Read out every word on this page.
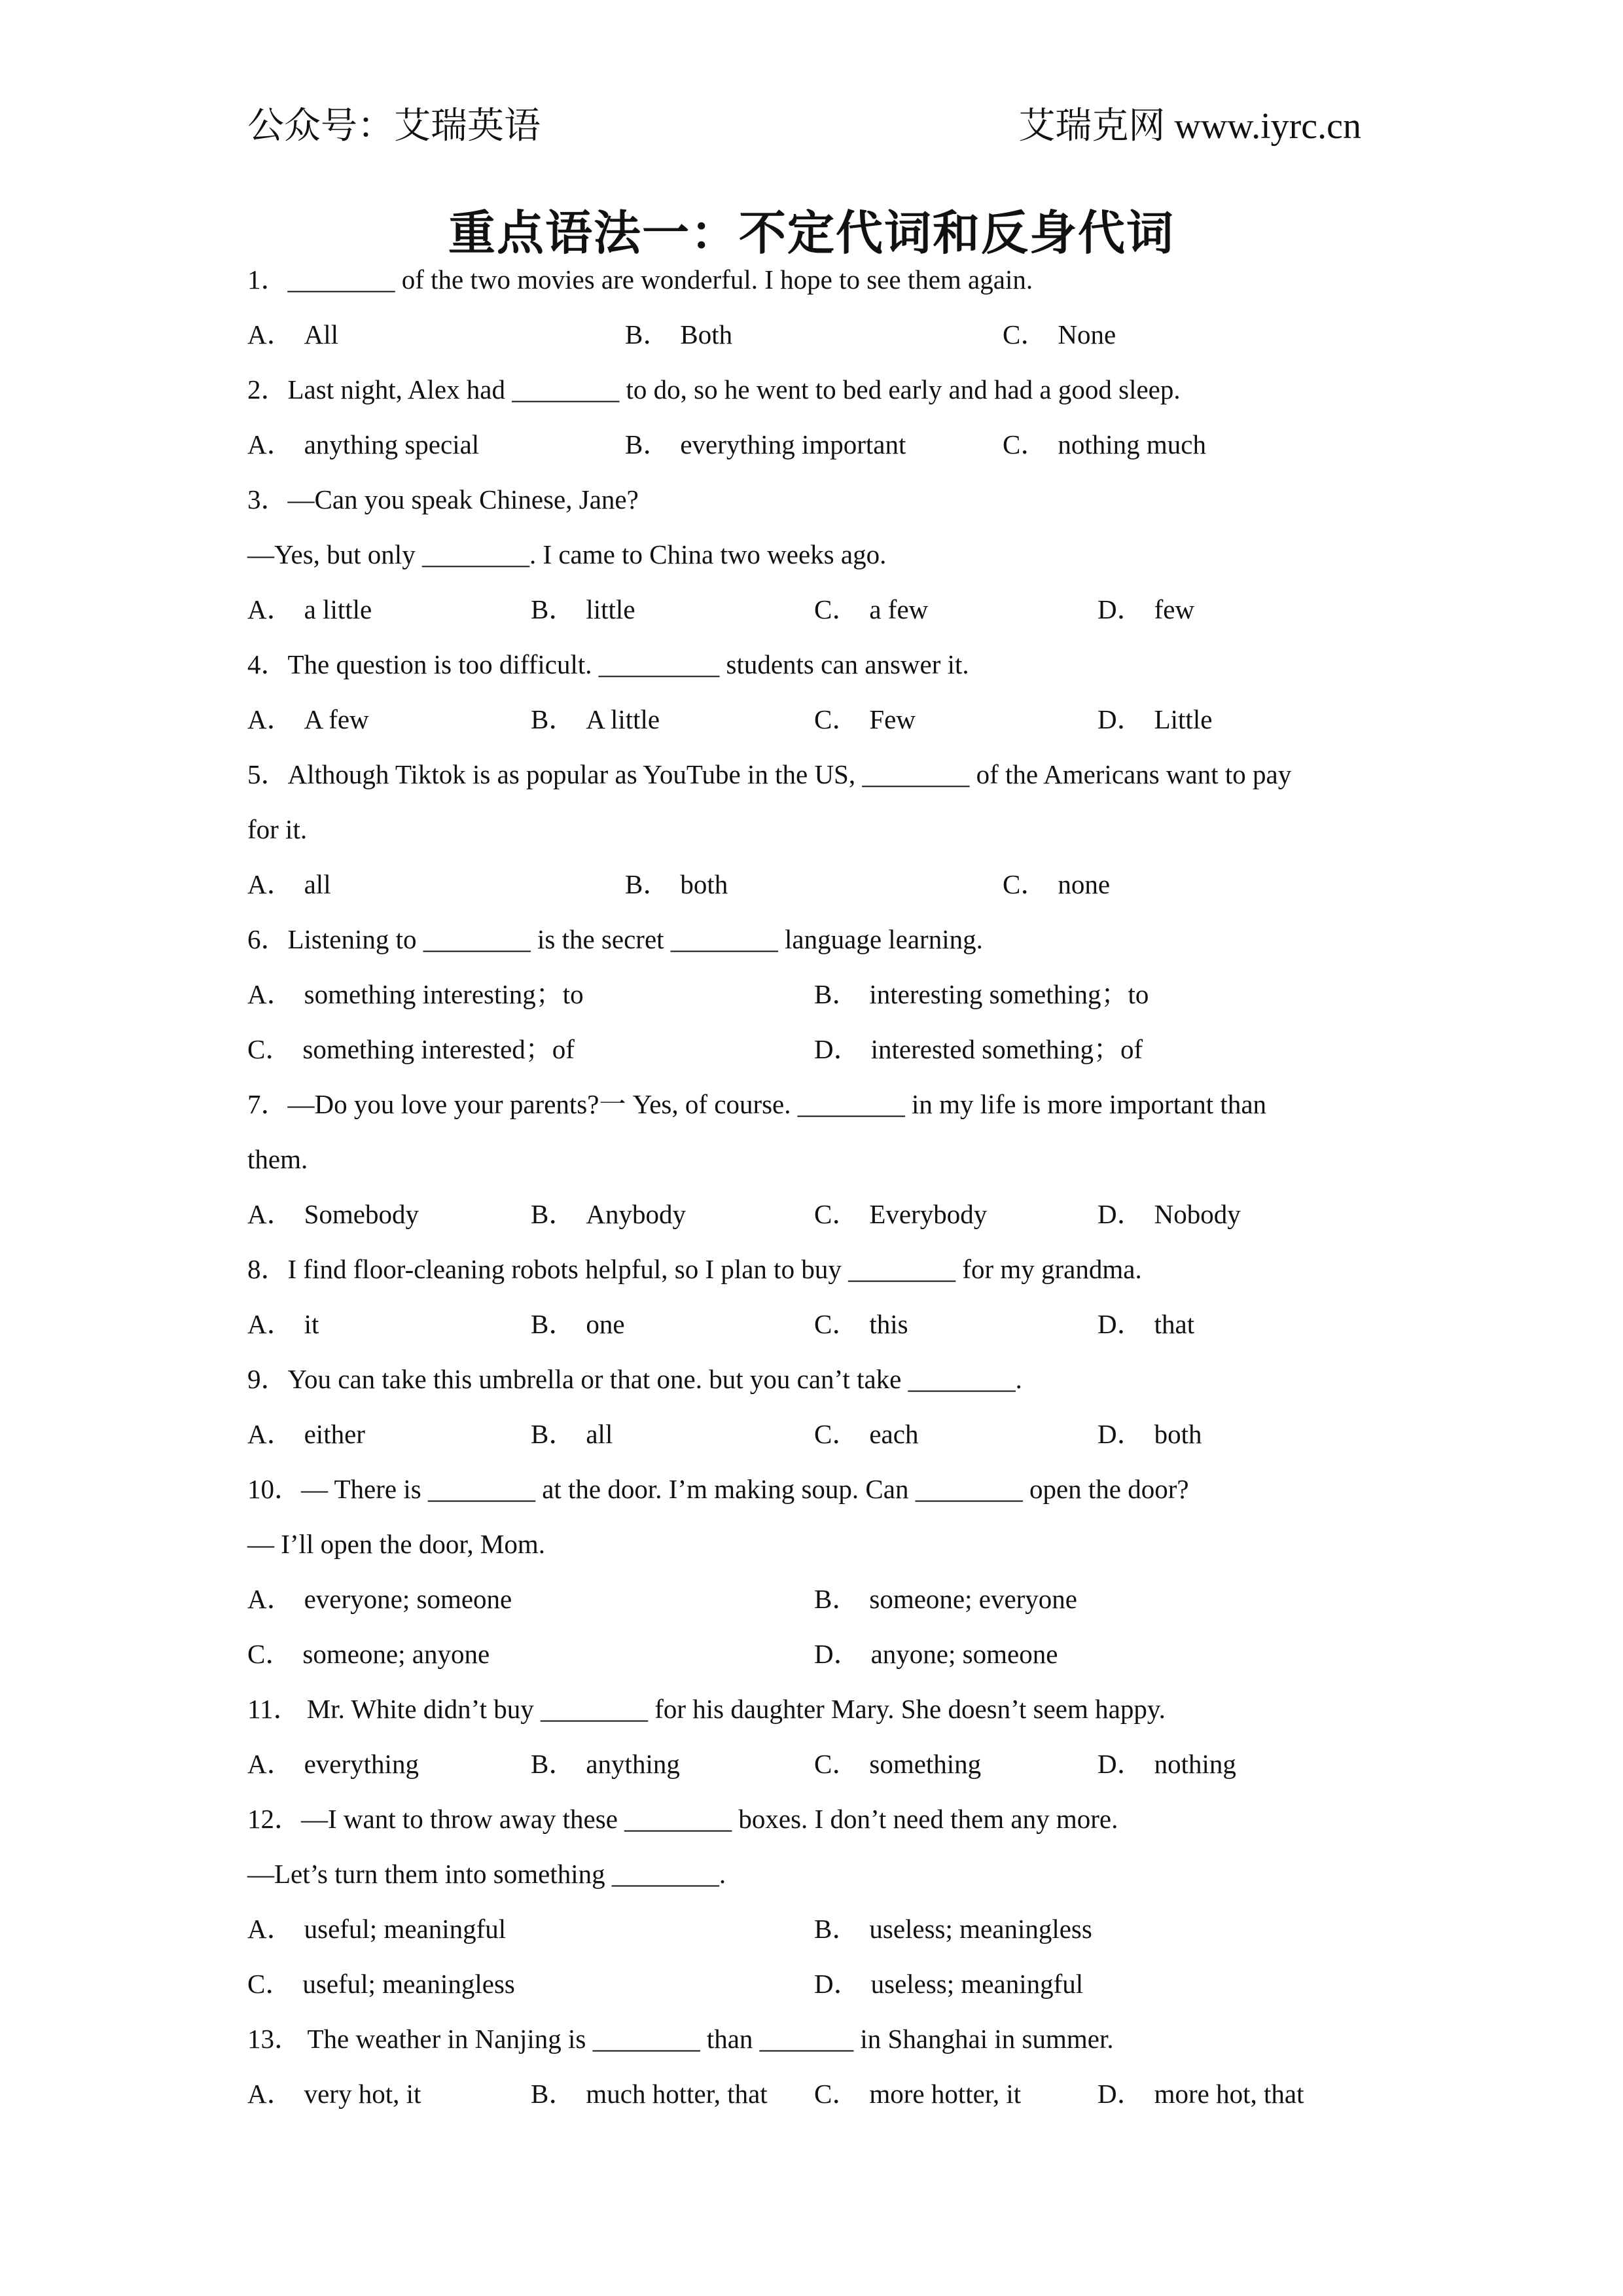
公众号：艾瑞英语	艾瑞克网 www.iyrc.cn
重点语法一：不定代词和反身代词
1．________ of the two movies are wonderful. I hope to see them again.
A． All	B． Both	C． None
2．Last night, Alex had ________ to do, so he went to bed early and had a good sleep.
A． anything special	B． everything important	C． nothing much
3．—Can you speak Chinese, Jane?
—Yes, but only ________. I came to China two weeks ago.
A． a little	B． little	C． a few	D． few
4．The question is too difficult. _________ students can answer it.
A． A few	B． A little	C． Few	D． Little
5．Although Tiktok is as popular as YouTube in the US, ________ of the Americans want to pay
for it.
A． all	B． both	C． none
6．Listening to ________ is the secret ________ language learning.
A． something interesting；to	B． interesting something；to
C． something interested；of	D． interested something；of
7．—Do you love your parents?一 Yes, of course. ________ in my life is more important than
them.
A． Somebody	B． Anybody	C． Everybody	D． Nobody
8．I find floor-cleaning robots helpful, so I plan to buy ________ for my grandma.
A． it	B． one	C． this	D． that
9．You can take this umbrella or that one. but you can’t take ________.
A． either	B． all	C． each	D． both
10．— There is ________ at the door. I’m making soup. Can ________ open the door?
— I’ll open the door, Mom.
A． everyone; someone	B． someone; everyone
C． someone; anyone	D． anyone; someone
11． Mr. White didn’t buy ________ for his daughter Mary. She doesn’t seem happy.
A． everything	B． anything	C． something	D． nothing
12．—I want to throw away these ________ boxes. I don’t need them any more.
—Let’s turn them into something ________.
A． useful; meaningful	B． useless; meaningless
C． useful; meaningless	D． useless; meaningful
13． The weather in Nanjing is ________ than _______ in Shanghai in summer.
A． very hot, it	B． much hotter, that C． more hotter, it	D． more hot, that
